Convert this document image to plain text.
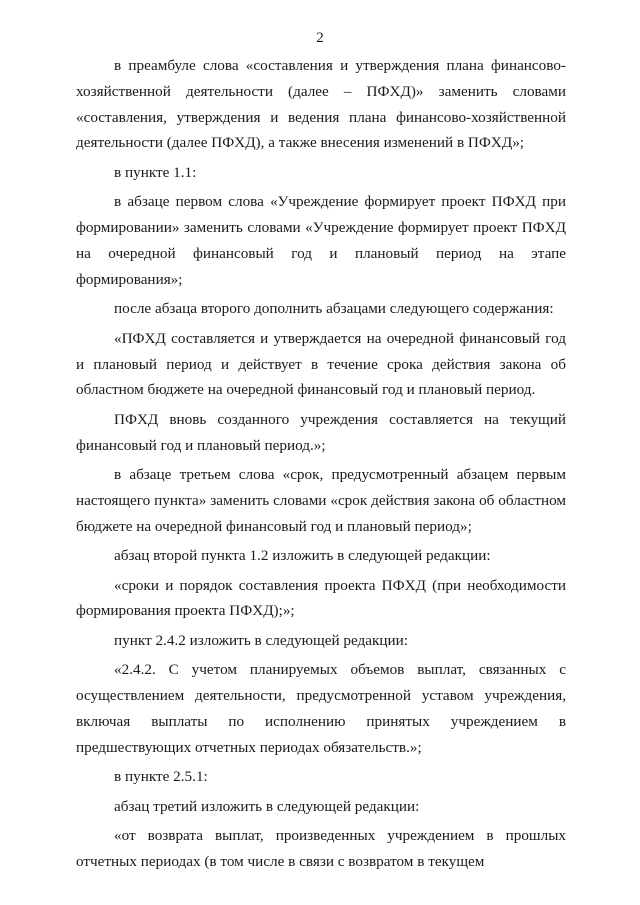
2

в преамбуле слова «составления и утверждения плана финансово-хозяйственной деятельности (далее – ПФХД)» заменить словами «составления, утверждения и ведения плана финансово-хозяйственной деятельности (далее ПФХД), а также внесения изменений в ПФХД»;

в пункте 1.1:

в абзаце первом слова «Учреждение формирует проект ПФХД при формировании» заменить словами «Учреждение формирует проект ПФХД на очередной финансовый год и плановый период на этапе формирования»;

после абзаца второго дополнить абзацами следующего содержания:

«ПФХД составляется и утверждается на очередной финансовый год и плановый период и действует в течение срока действия закона об областном бюджете на очередной финансовый год и плановый период.

ПФХД вновь созданного учреждения составляется на текущий финансовый год и плановый период.»;

в абзаце третьем слова «срок, предусмотренный абзацем первым настоящего пункта» заменить словами «срок действия закона об областном бюджете на очередной финансовый год и плановый период»;

абзац второй пункта 1.2 изложить в следующей редакции:

«сроки и порядок составления проекта ПФХД (при необходимости формирования проекта ПФХД);»;

пункт 2.4.2 изложить в следующей редакции:

«2.4.2. С учетом планируемых объемов выплат, связанных с осуществлением деятельности, предусмотренной уставом учреждения, включая выплаты по исполнению принятых учреждением в предшествующих отчетных периодах обязательств.»;

в пункте 2.5.1:

абзац третий изложить в следующей редакции:

«от возврата выплат, произведенных учреждением в прошлых отчетных периодах (в том числе в связи с возвратом в текущем
